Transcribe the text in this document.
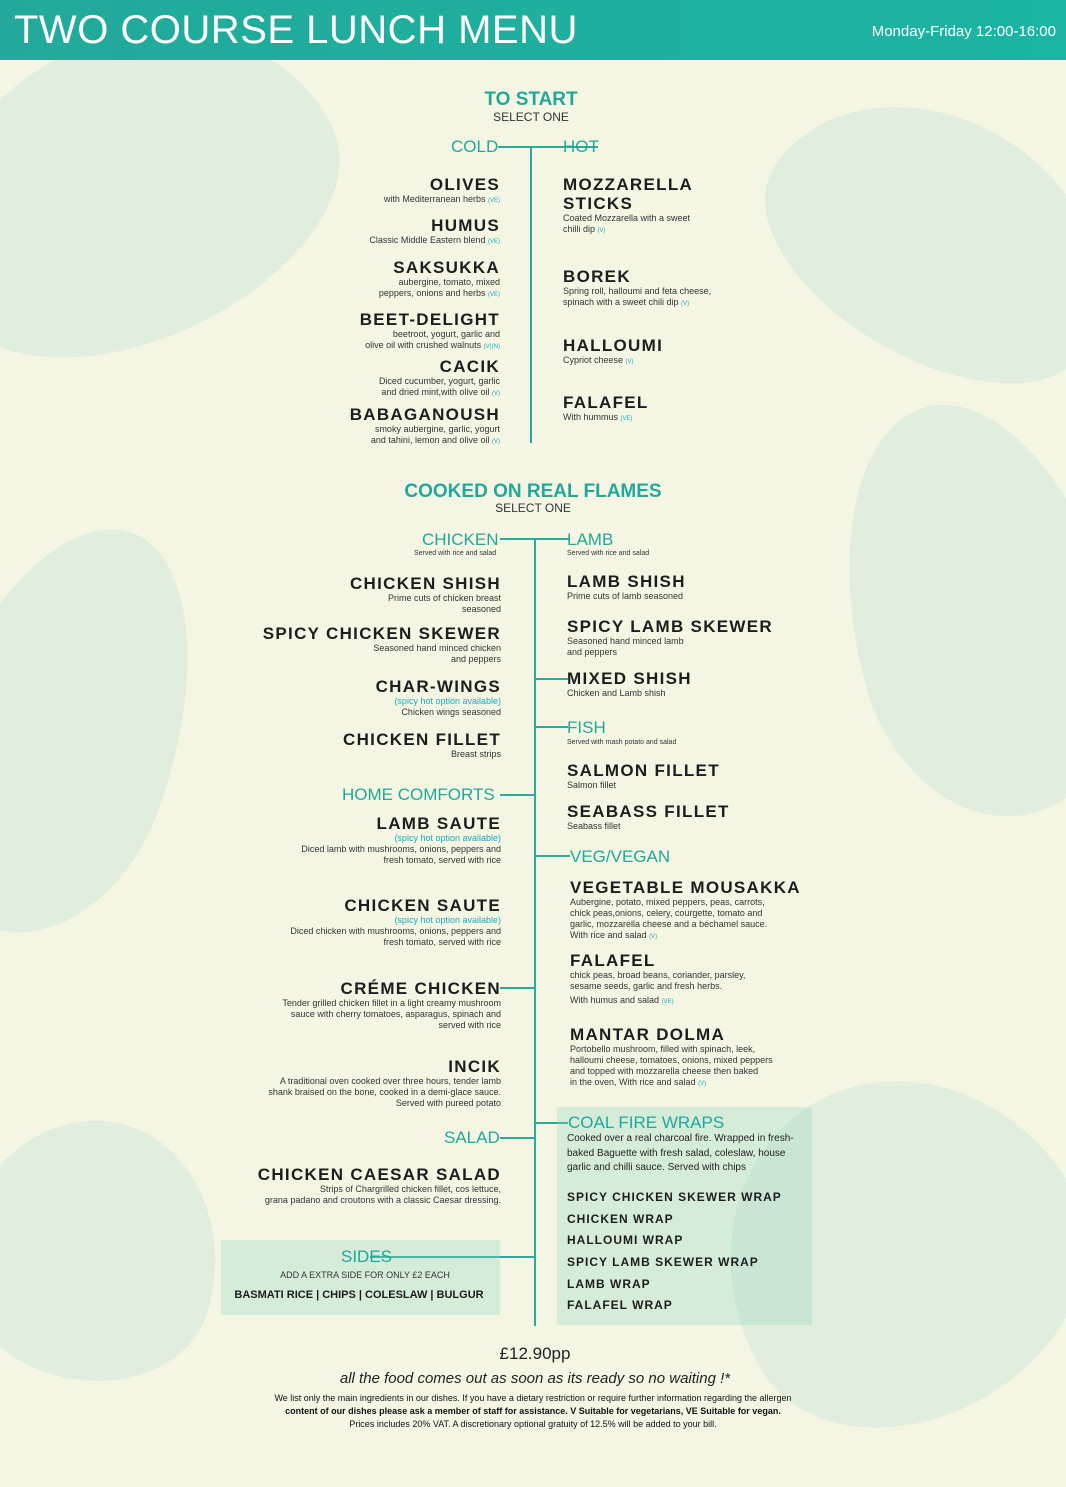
TWO COURSE LUNCH MENU	Monday-Friday 12:00-16:00
TO START
SELECT ONE
COLD	HOT
OLIVES
with Mediterranean herbs (VE)
HUMUS
Classic Middle Eastern blend (VE)
SAKSUKKA
aubergine, tomato, mixed
peppers, onions and herbs (VE)
BEET-DELIGHT
beetroot, yogurt, garlic and
olive oil with crushed walnuts (V)(N)
CACIK
Diced cucumber, yogurt, garlic
and dried mint,with olive oil (V)
BABAGANOUSH
smoky aubergine, garlic, yogurt
and tahini, lemon and olive oil (V)
MOZZARELLA STICKS
Coated Mozzarella with a sweet
chilli dip (V)
BOREK
Spring roll, halloumi and feta cheese,
spinach with a sweet chili dip (V)
HALLOUMI
Cypriot cheese (V)
FALAFEL
With hummus (VE)
COOKED ON REAL FLAMES
SELECT ONE
CHICKEN
Served with rice and salad
LAMB
Served with rice and salad
CHICKEN SHISH
Prime cuts of chicken breast
seasoned
SPICY CHICKEN SKEWER
Seasoned hand minced chicken
and peppers
CHAR-WINGS
(spicy hot option available)
Chicken wings seasoned
CHICKEN FILLET
Breast strips
HOME COMFORTS
LAMB SAUTE
(spicy hot option available)
Diced lamb with mushrooms, onions, peppers and
fresh tomato, served with rice
CHICKEN SAUTE
(spicy hot option available)
Diced chicken with mushrooms, onions, peppers and
fresh tomato, served with rice
CRÉME CHICKEN
Tender grilled chicken fillet in a light creamy mushroom
sauce with cherry tomatoes, asparagus, spinach and
served with rice
INCIK
A traditional oven cooked over three hours, tender lamb
shank braised on the bone, cooked in a demi-glace sauce.
Served with pureed potato
SALAD
CHICKEN CAESAR SALAD
Strips of Chargrilled chicken fillet, cos lettuce,
grana padano and croutons with a classic Caesar dressing.
LAMB SHISH
Prime cuts of lamb seasoned
SPICY LAMB SKEWER
Seasoned hand minced lamb
and peppers
MIXED SHISH
Chicken and Lamb shish
FISH
Served with mash potato and salad
SALMON FILLET
Salmon fillet
SEABASS FILLET
Seabass fillet
VEG/VEGAN
VEGETABLE MOUSAKKA
Aubergine, potato, mixed peppers, peas, carrots,
chick peas,onions, celery, courgette, tomato and
garlic, mozzarella cheese and a béchamel sauce.
With rice and salad (V)
FALAFEL
chick peas, broad beans, coriander, parsley,
sesame seeds, garlic and fresh herbs.
With humus and salad (VE)
MANTAR DOLMA
Portobello mushroom, filled with spinach, leek,
halloumi cheese, tomatoes, onions, mixed peppers
and topped with mozzarella cheese then baked
in the oven, With rice and salad (V)
COAL FIRE WRAPS
Cooked over a real charcoal fire. Wrapped in fresh-baked Baguette with fresh salad, coleslaw, house garlic and chilli sauce. Served with chips
SPICY CHICKEN SKEWER WRAP
CHICKEN WRAP
HALLOUMI WRAP
SPICY LAMB SKEWER WRAP
LAMB WRAP
FALAFEL WRAP
SIDES
ADD A EXTRA SIDE FOR ONLY £2 EACH
BASMATI RICE | CHIPS | COLESLAW | BULGUR
£12.90pp
all the food comes out as soon as its ready so no waiting !*
We list only the main ingredients in our dishes. If you have a dietary restriction or require further information regarding the allergen
content of our dishes please ask a member of staff for assistance. V Suitable for vegetarians, VE Suitable for vegan.
Prices includes 20% VAT. A discretionary optional gratuity of 12.5% will be added to your bill.
